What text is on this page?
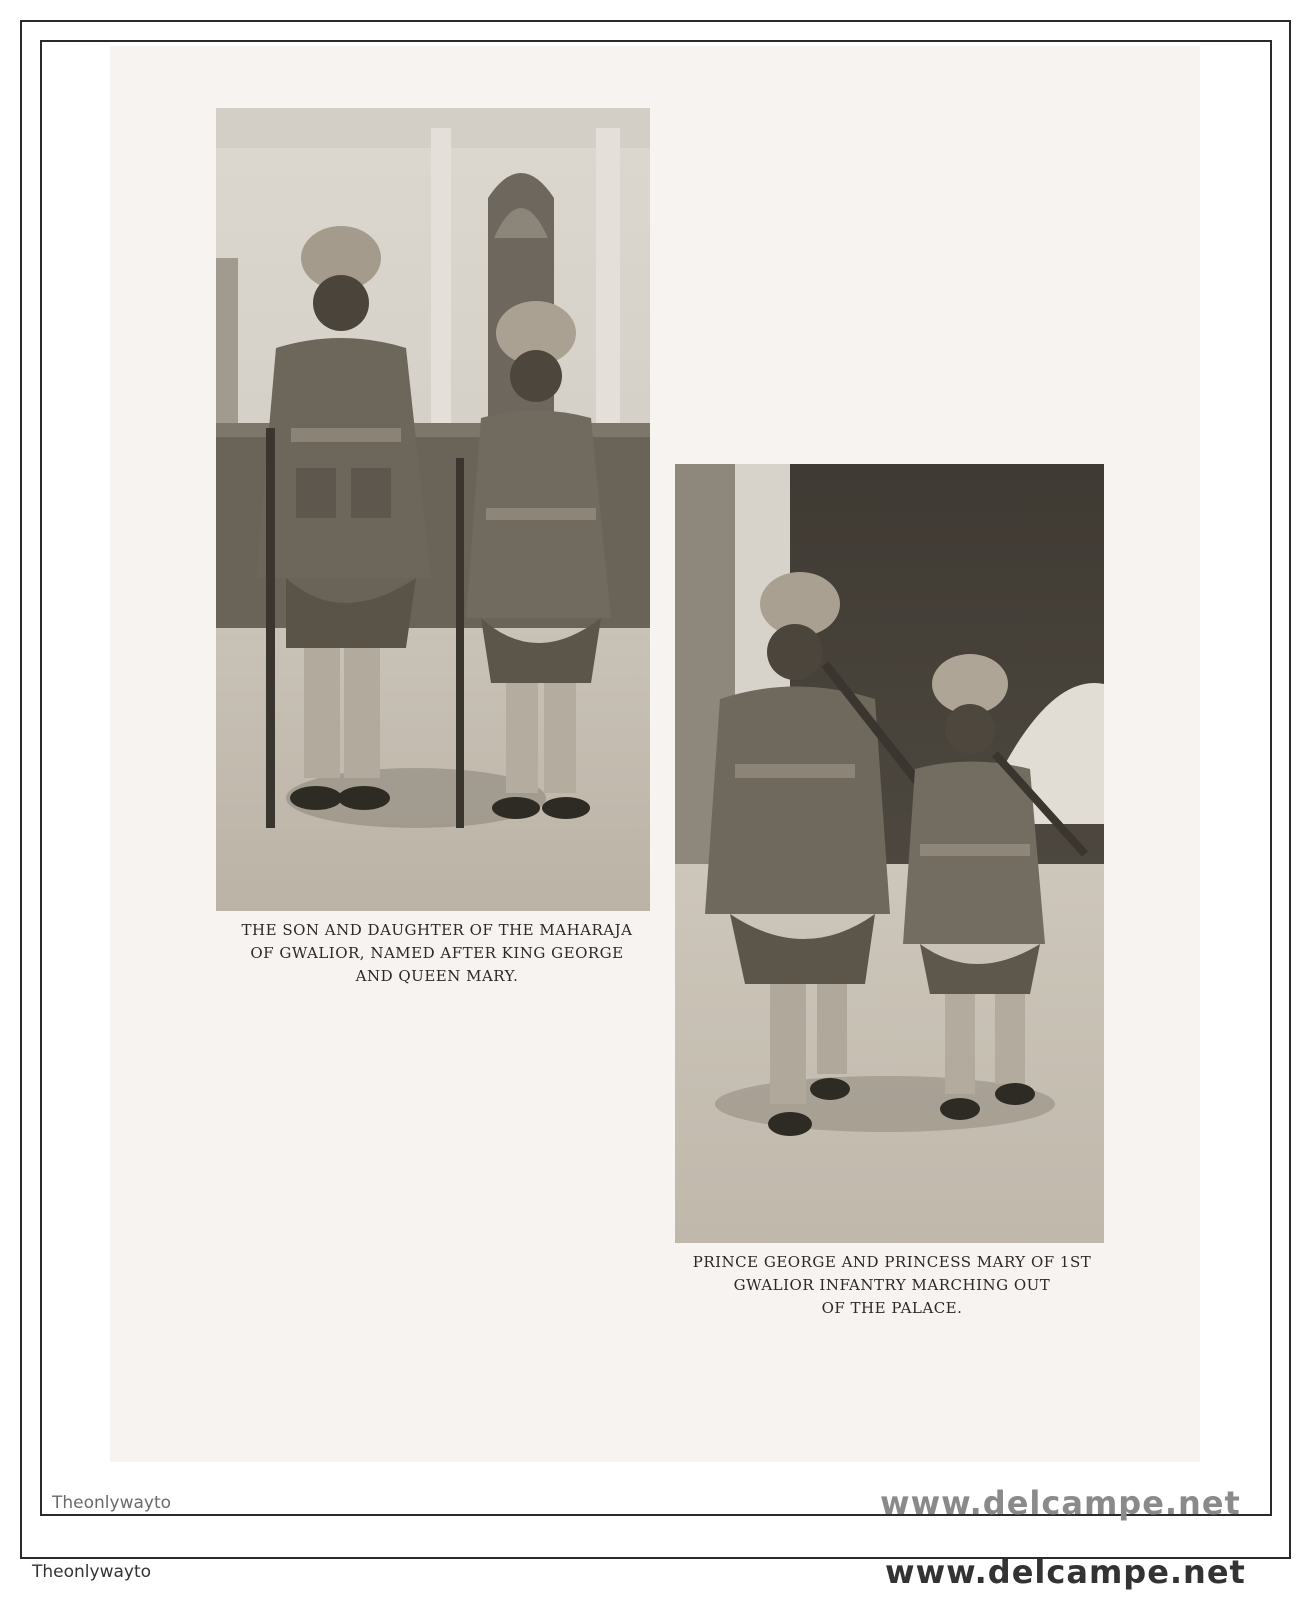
THE SON AND DAUGHTER OF THE MAHARAJA
OF GWALIOR, NAMED AFTER KING GEORGE
AND QUEEN MARY.
PRINCE GEORGE AND PRINCESS MARY OF 1ST
GWALIOR INFANTRY MARCHING OUT
OF THE PALACE.
Theonlywayto	www.delcampe.net
Theonlywayto	www.delcampe.net
